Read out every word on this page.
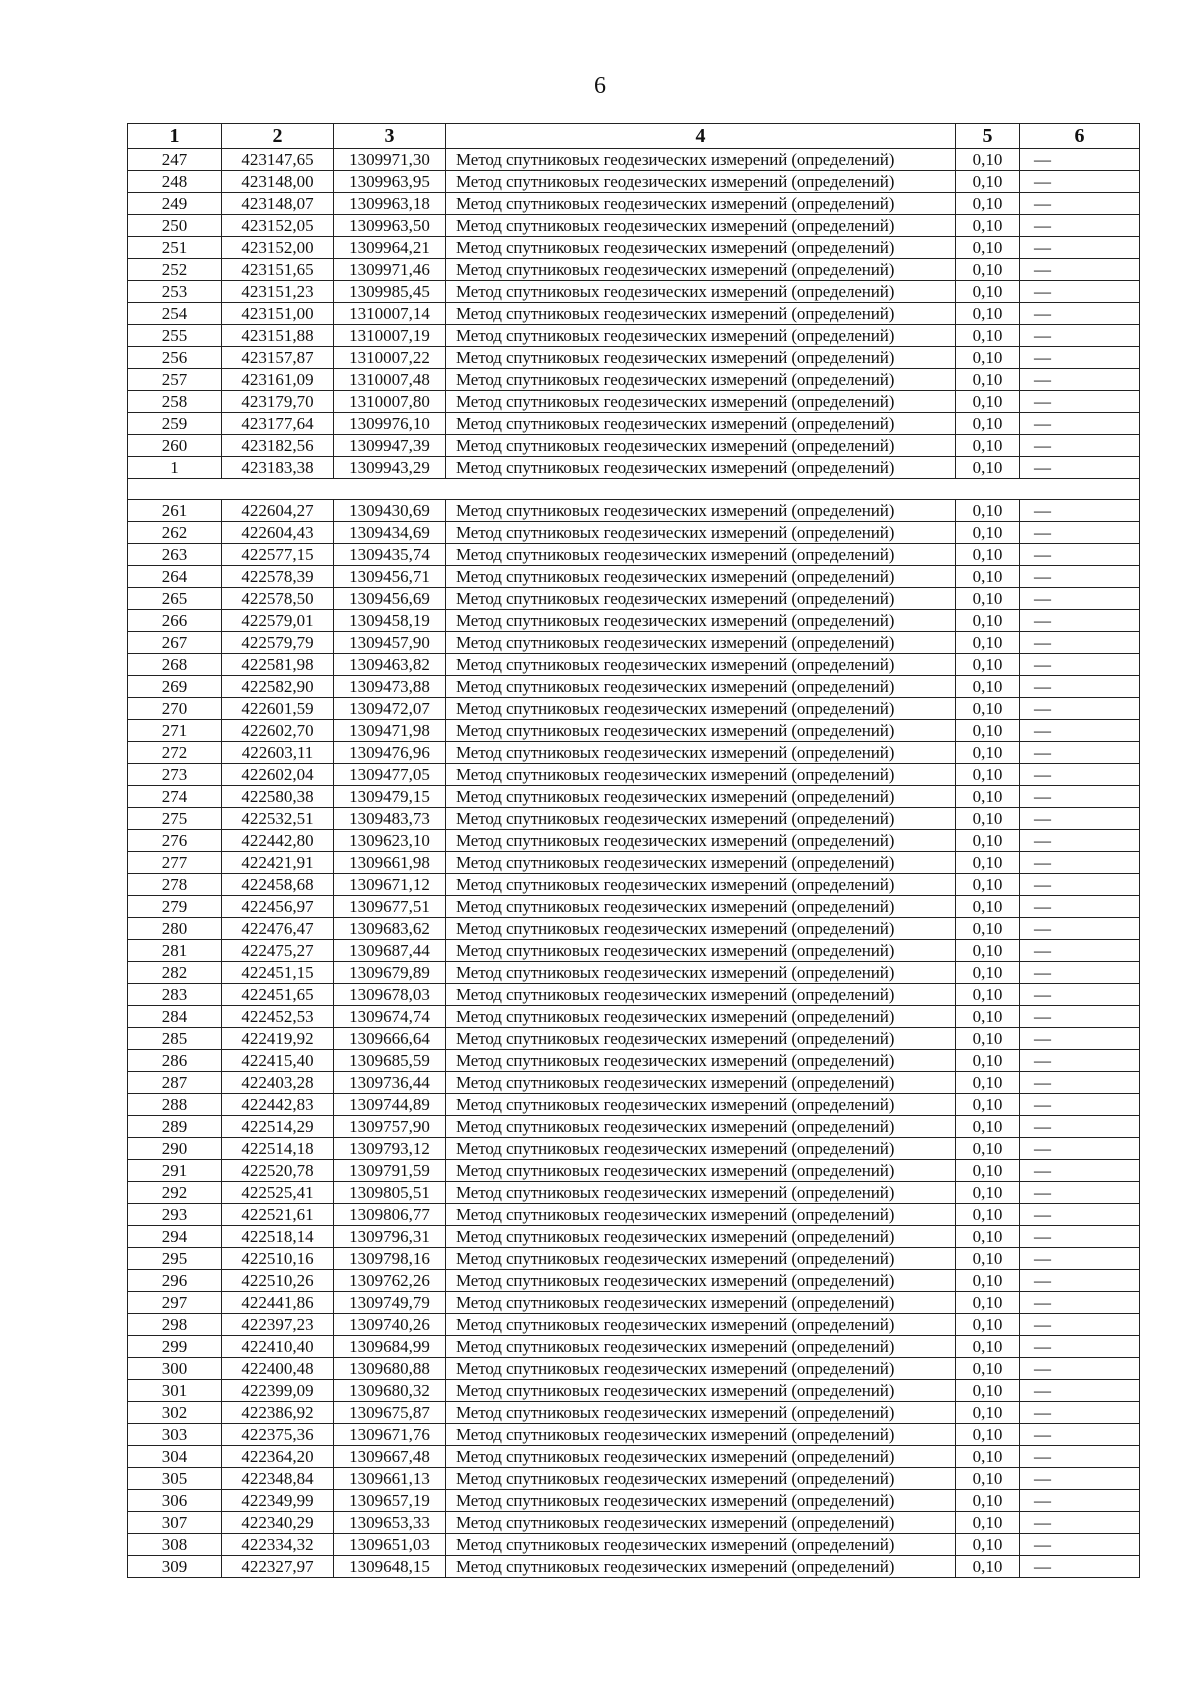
6
1	2	3	4	5	6
247	423147,65	1309971,30	Метод спутниковых геодезических измерений (определений)	0,10	—
248	423148,00	1309963,95	Метод спутниковых геодезических измерений (определений)	0,10	—
249	423148,07	1309963,18	Метод спутниковых геодезических измерений (определений)	0,10	—
250	423152,05	1309963,50	Метод спутниковых геодезических измерений (определений)	0,10	—
251	423152,00	1309964,21	Метод спутниковых геодезических измерений (определений)	0,10	—
252	423151,65	1309971,46	Метод спутниковых геодезических измерений (определений)	0,10	—
253	423151,23	1309985,45	Метод спутниковых геодезических измерений (определений)	0,10	—
254	423151,00	1310007,14	Метод спутниковых геодезических измерений (определений)	0,10	—
255	423151,88	1310007,19	Метод спутниковых геодезических измерений (определений)	0,10	—
256	423157,87	1310007,22	Метод спутниковых геодезических измерений (определений)	0,10	—
257	423161,09	1310007,48	Метод спутниковых геодезических измерений (определений)	0,10	—
258	423179,70	1310007,80	Метод спутниковых геодезических измерений (определений)	0,10	—
259	423177,64	1309976,10	Метод спутниковых геодезических измерений (определений)	0,10	—
260	423182,56	1309947,39	Метод спутниковых геодезических измерений (определений)	0,10	—
1	423183,38	1309943,29	Метод спутниковых геодезических измерений (определений)	0,10	—

261	422604,27	1309430,69	Метод спутниковых геодезических измерений (определений)	0,10	—
262	422604,43	1309434,69	Метод спутниковых геодезических измерений (определений)	0,10	—
263	422577,15	1309435,74	Метод спутниковых геодезических измерений (определений)	0,10	—
264	422578,39	1309456,71	Метод спутниковых геодезических измерений (определений)	0,10	—
265	422578,50	1309456,69	Метод спутниковых геодезических измерений (определений)	0,10	—
266	422579,01	1309458,19	Метод спутниковых геодезических измерений (определений)	0,10	—
267	422579,79	1309457,90	Метод спутниковых геодезических измерений (определений)	0,10	—
268	422581,98	1309463,82	Метод спутниковых геодезических измерений (определений)	0,10	—
269	422582,90	1309473,88	Метод спутниковых геодезических измерений (определений)	0,10	—
270	422601,59	1309472,07	Метод спутниковых геодезических измерений (определений)	0,10	—
271	422602,70	1309471,98	Метод спутниковых геодезических измерений (определений)	0,10	—
272	422603,11	1309476,96	Метод спутниковых геодезических измерений (определений)	0,10	—
273	422602,04	1309477,05	Метод спутниковых геодезических измерений (определений)	0,10	—
274	422580,38	1309479,15	Метод спутниковых геодезических измерений (определений)	0,10	—
275	422532,51	1309483,73	Метод спутниковых геодезических измерений (определений)	0,10	—
276	422442,80	1309623,10	Метод спутниковых геодезических измерений (определений)	0,10	—
277	422421,91	1309661,98	Метод спутниковых геодезических измерений (определений)	0,10	—
278	422458,68	1309671,12	Метод спутниковых геодезических измерений (определений)	0,10	—
279	422456,97	1309677,51	Метод спутниковых геодезических измерений (определений)	0,10	—
280	422476,47	1309683,62	Метод спутниковых геодезических измерений (определений)	0,10	—
281	422475,27	1309687,44	Метод спутниковых геодезических измерений (определений)	0,10	—
282	422451,15	1309679,89	Метод спутниковых геодезических измерений (определений)	0,10	—
283	422451,65	1309678,03	Метод спутниковых геодезических измерений (определений)	0,10	—
284	422452,53	1309674,74	Метод спутниковых геодезических измерений (определений)	0,10	—
285	422419,92	1309666,64	Метод спутниковых геодезических измерений (определений)	0,10	—
286	422415,40	1309685,59	Метод спутниковых геодезических измерений (определений)	0,10	—
287	422403,28	1309736,44	Метод спутниковых геодезических измерений (определений)	0,10	—
288	422442,83	1309744,89	Метод спутниковых геодезических измерений (определений)	0,10	—
289	422514,29	1309757,90	Метод спутниковых геодезических измерений (определений)	0,10	—
290	422514,18	1309793,12	Метод спутниковых геодезических измерений (определений)	0,10	—
291	422520,78	1309791,59	Метод спутниковых геодезических измерений (определений)	0,10	—
292	422525,41	1309805,51	Метод спутниковых геодезических измерений (определений)	0,10	—
293	422521,61	1309806,77	Метод спутниковых геодезических измерений (определений)	0,10	—
294	422518,14	1309796,31	Метод спутниковых геодезических измерений (определений)	0,10	—
295	422510,16	1309798,16	Метод спутниковых геодезических измерений (определений)	0,10	—
296	422510,26	1309762,26	Метод спутниковых геодезических измерений (определений)	0,10	—
297	422441,86	1309749,79	Метод спутниковых геодезических измерений (определений)	0,10	—
298	422397,23	1309740,26	Метод спутниковых геодезических измерений (определений)	0,10	—
299	422410,40	1309684,99	Метод спутниковых геодезических измерений (определений)	0,10	—
300	422400,48	1309680,88	Метод спутниковых геодезических измерений (определений)	0,10	—
301	422399,09	1309680,32	Метод спутниковых геодезических измерений (определений)	0,10	—
302	422386,92	1309675,87	Метод спутниковых геодезических измерений (определений)	0,10	—
303	422375,36	1309671,76	Метод спутниковых геодезических измерений (определений)	0,10	—
304	422364,20	1309667,48	Метод спутниковых геодезических измерений (определений)	0,10	—
305	422348,84	1309661,13	Метод спутниковых геодезических измерений (определений)	0,10	—
306	422349,99	1309657,19	Метод спутниковых геодезических измерений (определений)	0,10	—
307	422340,29	1309653,33	Метод спутниковых геодезических измерений (определений)	0,10	—
308	422334,32	1309651,03	Метод спутниковых геодезических измерений (определений)	0,10	—
309	422327,97	1309648,15	Метод спутниковых геодезических измерений (определений)	0,10	—
